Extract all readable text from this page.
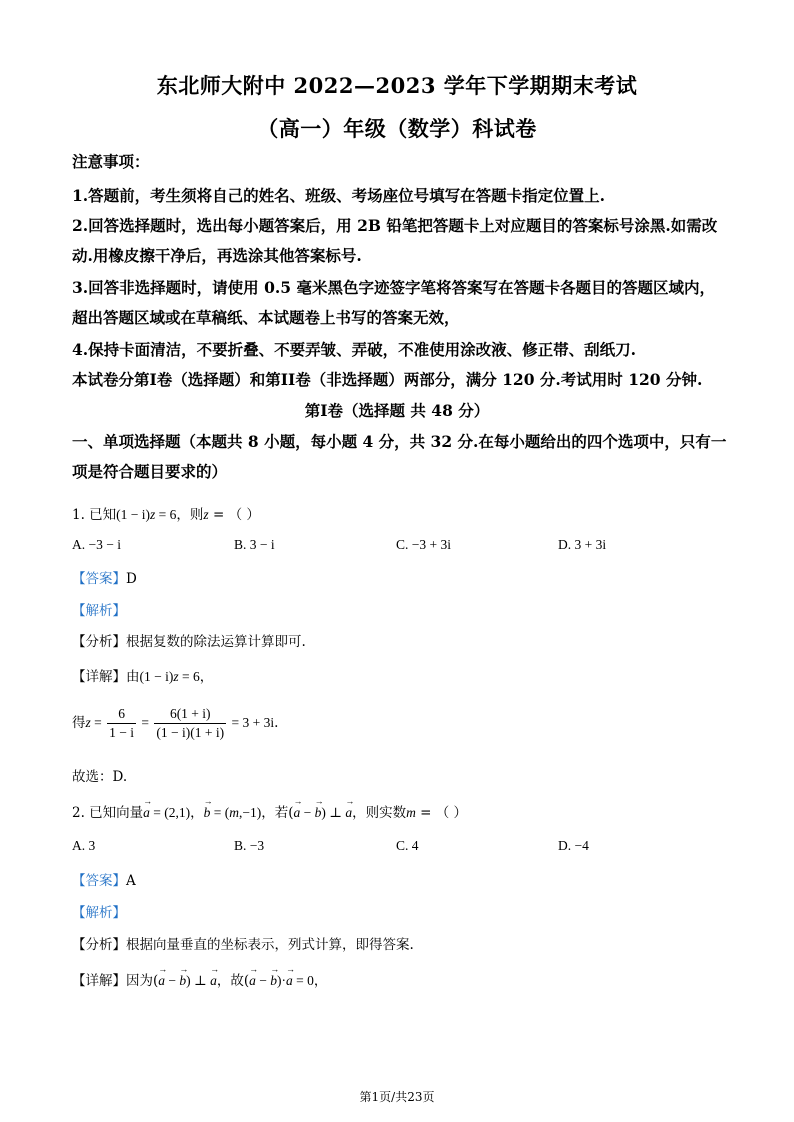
东北师大附中 2022—2023 学年下学期期末考试
（高一）年级（数学）科试卷
注意事项：
1.答题前，考生须将自己的姓名、班级、考场座位号填写在答题卡指定位置上.
2.回答选择题时，选出每小题答案后，用 2B 铅笔把答题卡上对应题目的答案标号涂黑.如需改
动.用橡皮擦干净后，再选涂其他答案标号.
3.回答非选择题时，请使用 0.5 毫米黑色字迹签字笔将答案写在答题卡各题目的答题区域内，
超出答题区域或在草稿纸、本试题卷上书写的答案无效，
4.保持卡面清洁，不要折叠、不要弄皱、弄破，不准使用涂改液、修正帯、刮纸刀.
本试卷分第I卷（选择题）和第II卷（非选择题）两部分，满分 120 分.考试用时 120 分钟.
第I卷（选择题 共 48 分）
一、单项选择题（本题共 8 小题，每小题 4 分，共 32 分.在每小题给出的四个选项中，只有一
项是符合题目要求的）
1. 已知(1 − i)z = 6，则z = （ ）
A. −3 − i	B. 3 − i	C. −3 + 3i	D. 3 + 3i
【答案】D
【解析】
【分析】根据复数的除法运算计算即可.
【详解】由(1 − i)z = 6，
得$z = \frac{6}{1 - i} = \frac{6(1 + i)}{(1 - i)(1 + i)} = 3 + 3i$.
故选：D.
2. 已知向量→ a = (2,1)，→ b = (m,−1)，若(→ a − → b) ⊥ → a，则实数m = （ ）
A. 3	B. −3	C. 4	D. −4
【答案】A
【解析】
【分析】根据向量垂直的坐标表示，列式计算，即得答案.
【详解】因为(→ a − → b) ⊥ → a，故(→ a − → b)·→ a = 0，
第1页/共23页
